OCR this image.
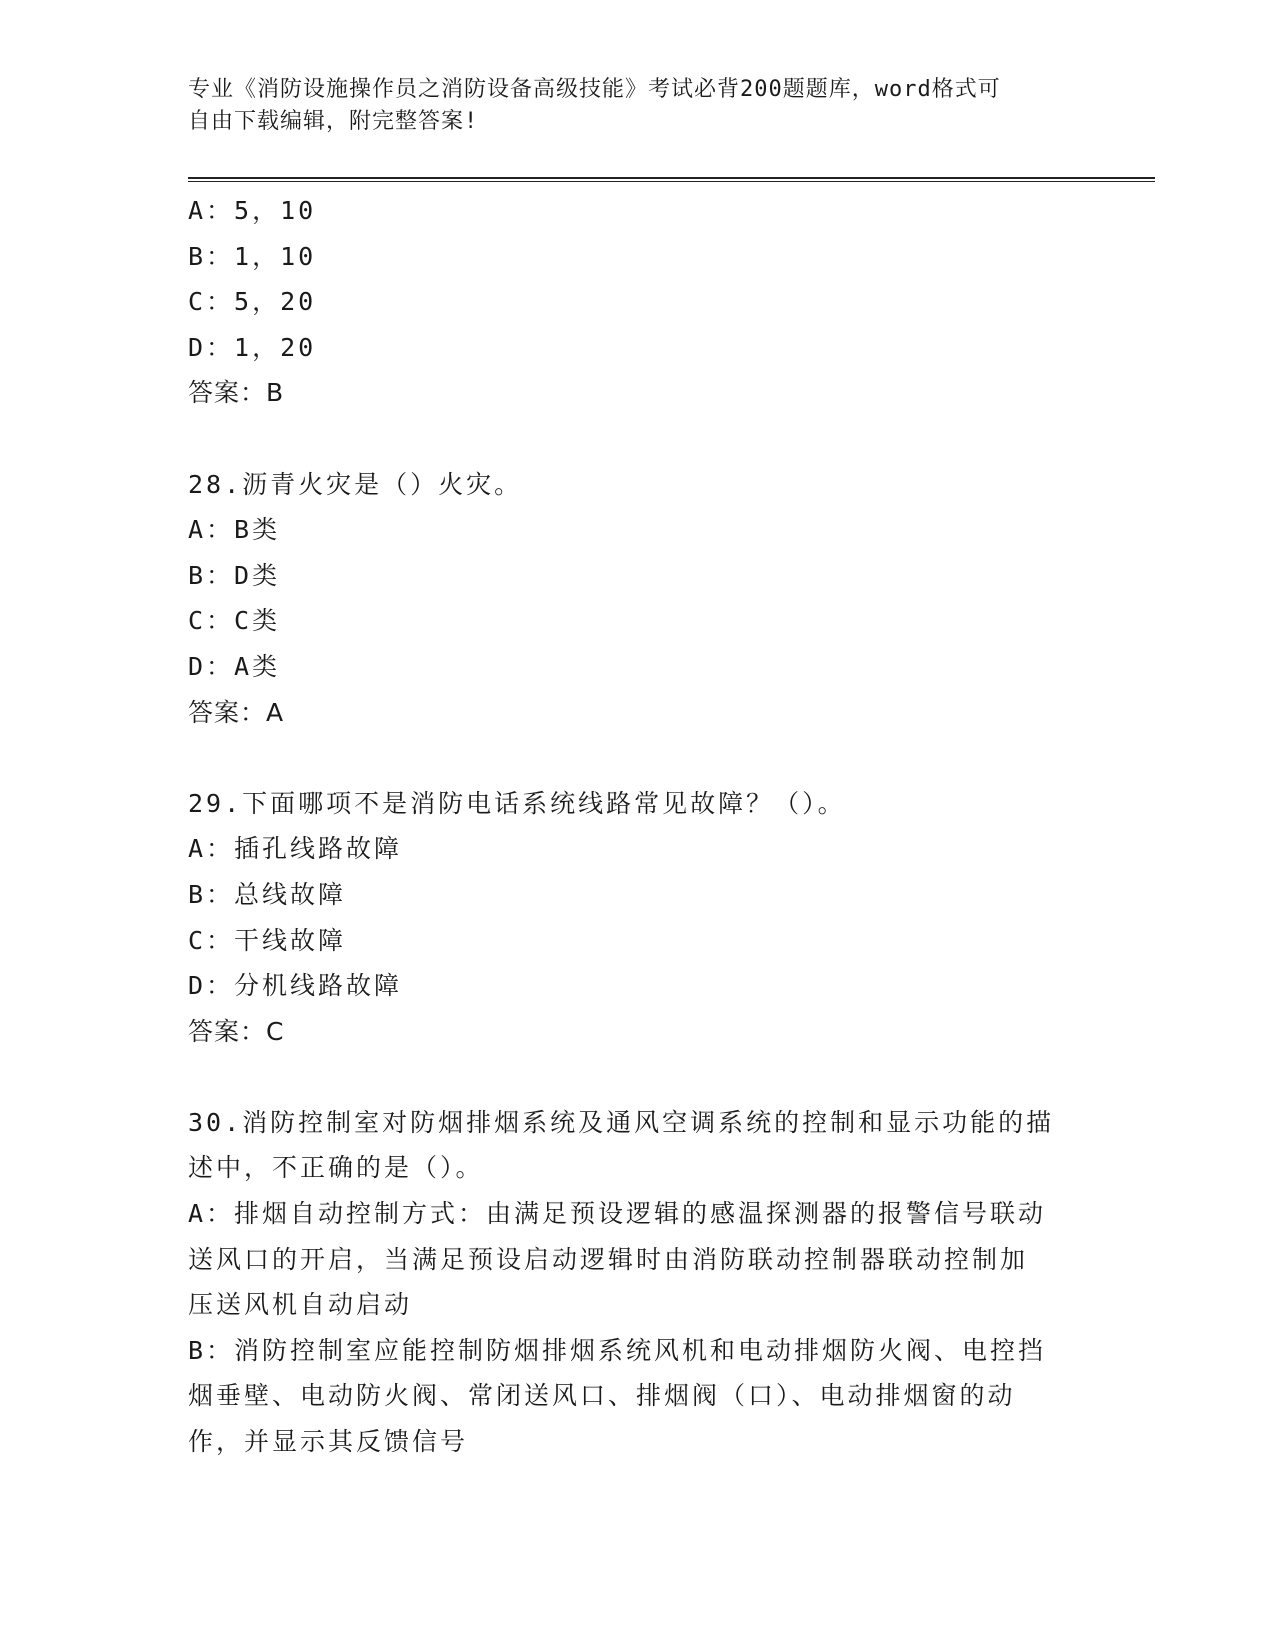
专业《消防设施操作员之消防设备高级技能》考试必背200题题库，word格式可
自由下载编辑，附完整答案!
A：5，10
B：1，10
C：5，20
D：1，20
答案：B
28.沥青火灾是（）火灾。
A：B类
B：D类
C：C类
D：A类
答案：A
29.下面哪项不是消防电话系统线路常见故障？（）。
A：插孔线路故障
B：总线故障
C：干线故障
D：分机线路故障
答案：C
30.消防控制室对防烟排烟系统及通风空调系统的控制和显示功能的描
述中，不正确的是（）。
A：排烟自动控制方式：由满足预设逻辑的感温探测器的报警信号联动
送风口的开启，当满足预设启动逻辑时由消防联动控制器联动控制加
压送风机自动启动
B：消防控制室应能控制防烟排烟系统风机和电动排烟防火阀、电控挡
烟垂壁、电动防火阀、常闭送风口、排烟阀（口）、电动排烟窗的动
作，并显示其反馈信号
